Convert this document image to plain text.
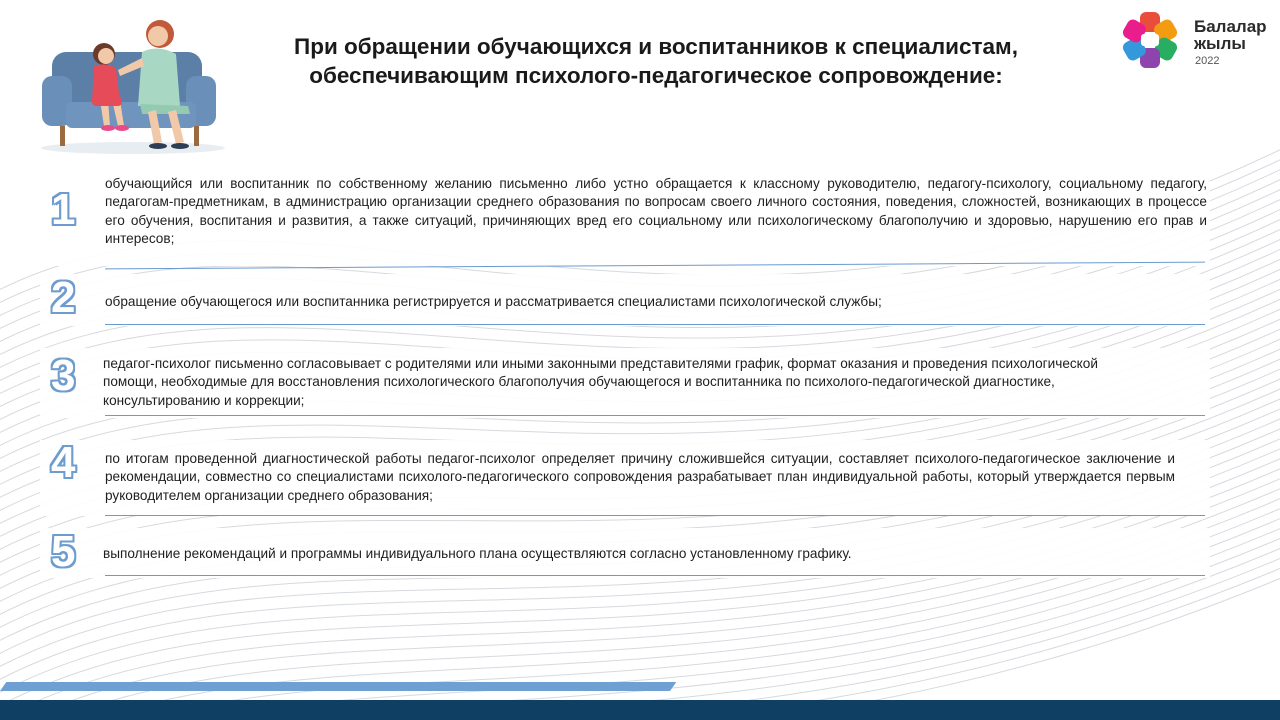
При обращении обучающихся и воспитанников к специалистам,
обеспечивающим психолого-педагогическое сопровождение:
Балалар
жылы
2022
1
обучающийся или воспитанник по собственному желанию письменно либо устно обращается к классному руководителю, педагогу-психологу, социальному педагогу, педагогам-предметникам, в администрацию организации среднего образования по вопросам своего личного состояния, поведения, сложностей, возникающих в процессе его обучения, воспитания и развития, а также ситуаций, причиняющих вред его социальному или психологическому благополучию и здоровью, нарушению его прав и интересов;
2 обращение обучающегося или воспитанника регистрируется и рассматривается специалистами психологической службы;
3 педагог-психолог письменно согласовывает с родителями или иными законными представителями график, формат оказания и проведения психологической помощи, необходимые для восстановления психологического благополучия обучающегося и воспитанника по психолого-педагогической диагностике, консультированию и коррекции;
4 по итогам проведенной диагностической работы педагог-психолог определяет причину сложившейся ситуации, составляет психолого-педагогическое заключение и рекомендации, совместно со специалистами психолого-педагогического сопровождения разрабатывает план индивидуальной работы, который утверждается первым руководителем организации среднего образования;
5 выполнение рекомендаций и программы индивидуального плана осуществляются согласно установленному графику.
